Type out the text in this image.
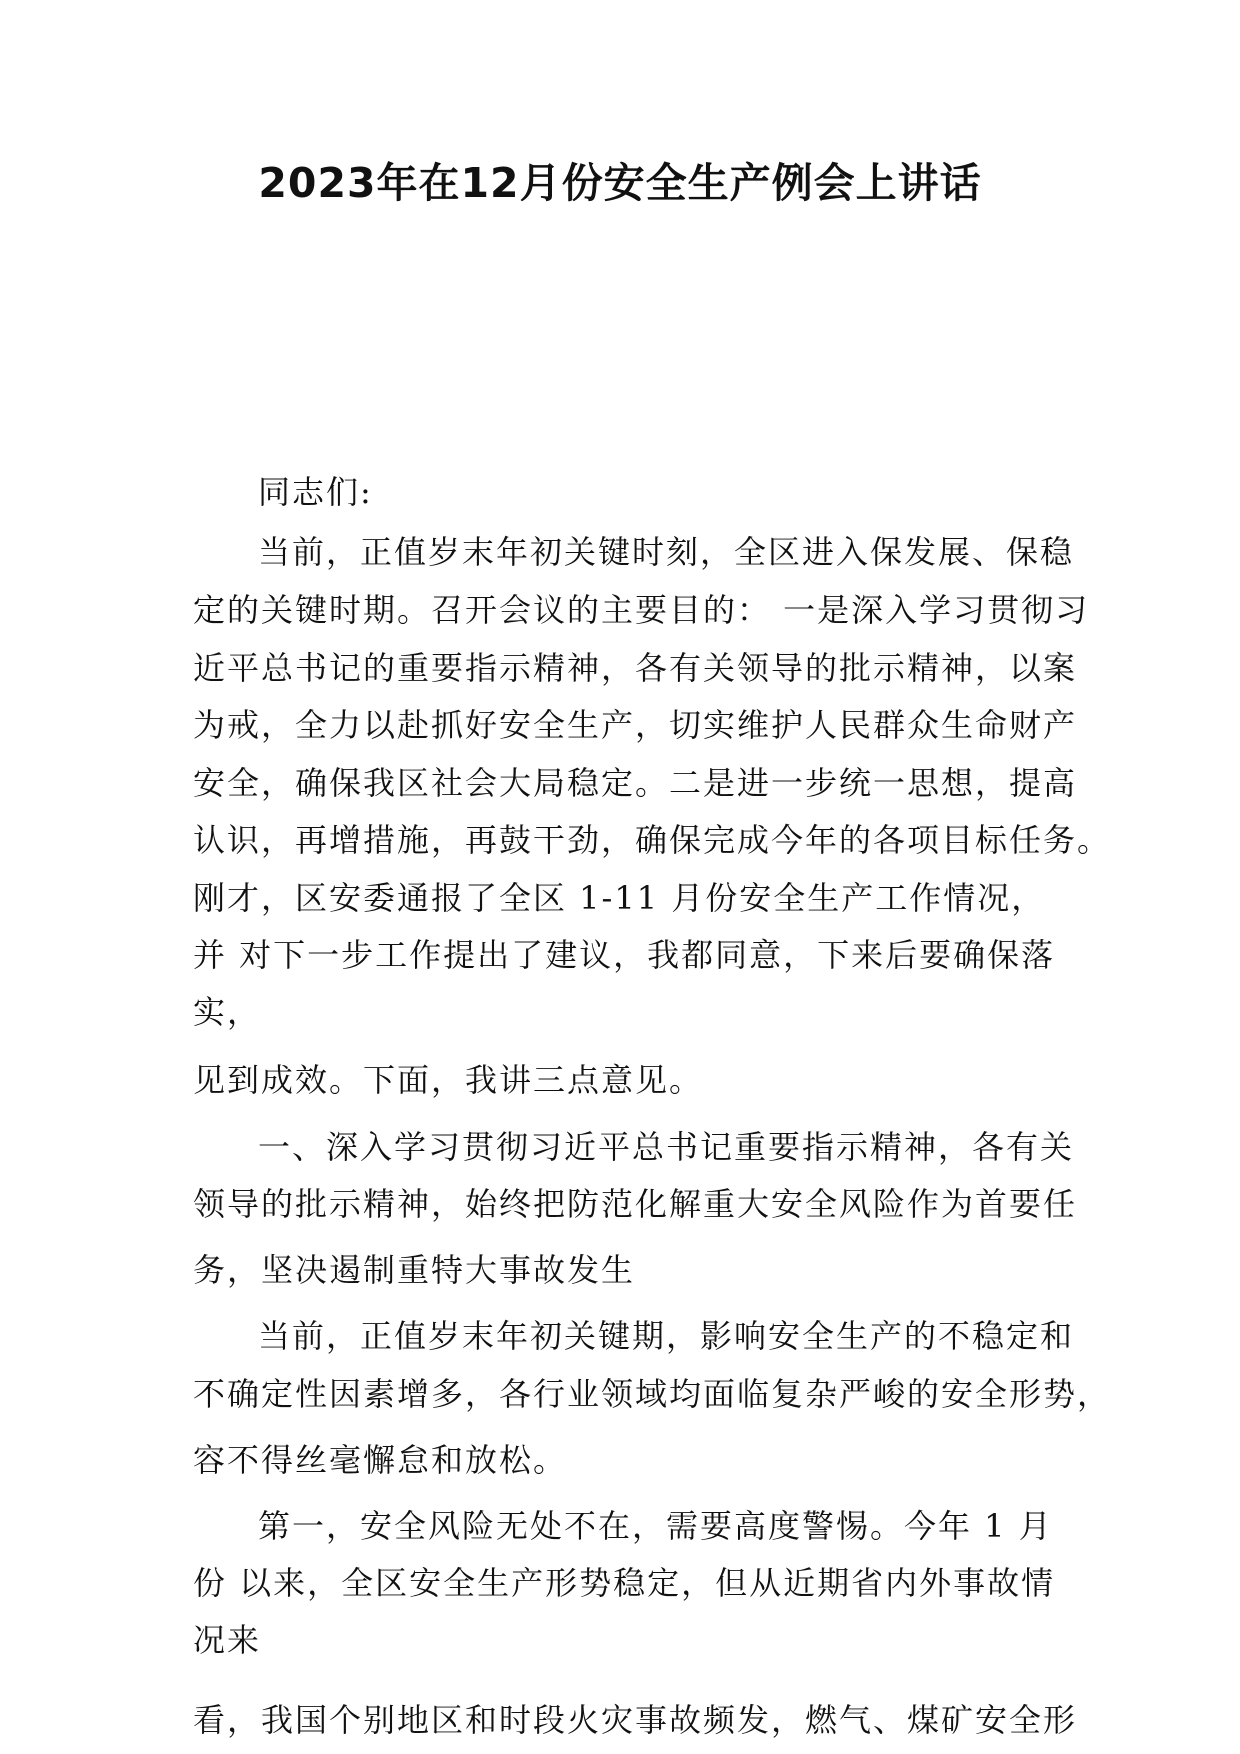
2023年在12月份安全生产例会上讲话
同志们:
当前，正值岁末年初关键时刻，全区进入保发展、保稳
定的关键时期。召开会议的主要目的： 一是深入学习贯彻习
近平总书记的重要指示精神，各有关领导的批示精神，以案
为戒，全力以赴抓好安全生产，切实维护人民群众生命财产
安全，确保我区社会大局稳定。二是进一步统一思想，提高
认识，再增措施，再鼓干劲，确保完成今年的各项目标任务。
刚才，区安委通报了全区 1-11 月份安全生产工作情况，
并 对下一步工作提出了建议，我都同意，下来后要确保落
实，
见到成效。下面，我讲三点意见。
一、深入学习贯彻习近平总书记重要指示精神，各有关
领导的批示精神，始终把防范化解重大安全风险作为首要任
务，坚决遏制重特大事故发生
当前，正值岁末年初关键期，影响安全生产的不稳定和
不确定性因素增多，各行业领域均面临复杂严峻的安全形势，
容不得丝毫懈怠和放松。
第一，安全风险无处不在，需要高度警惕。今年 1 月
份 以来，全区安全生产形势稳定，但从近期省内外事故情
况来
看，我国个别地区和时段火灾事故频发，燃气、煤矿安全形
